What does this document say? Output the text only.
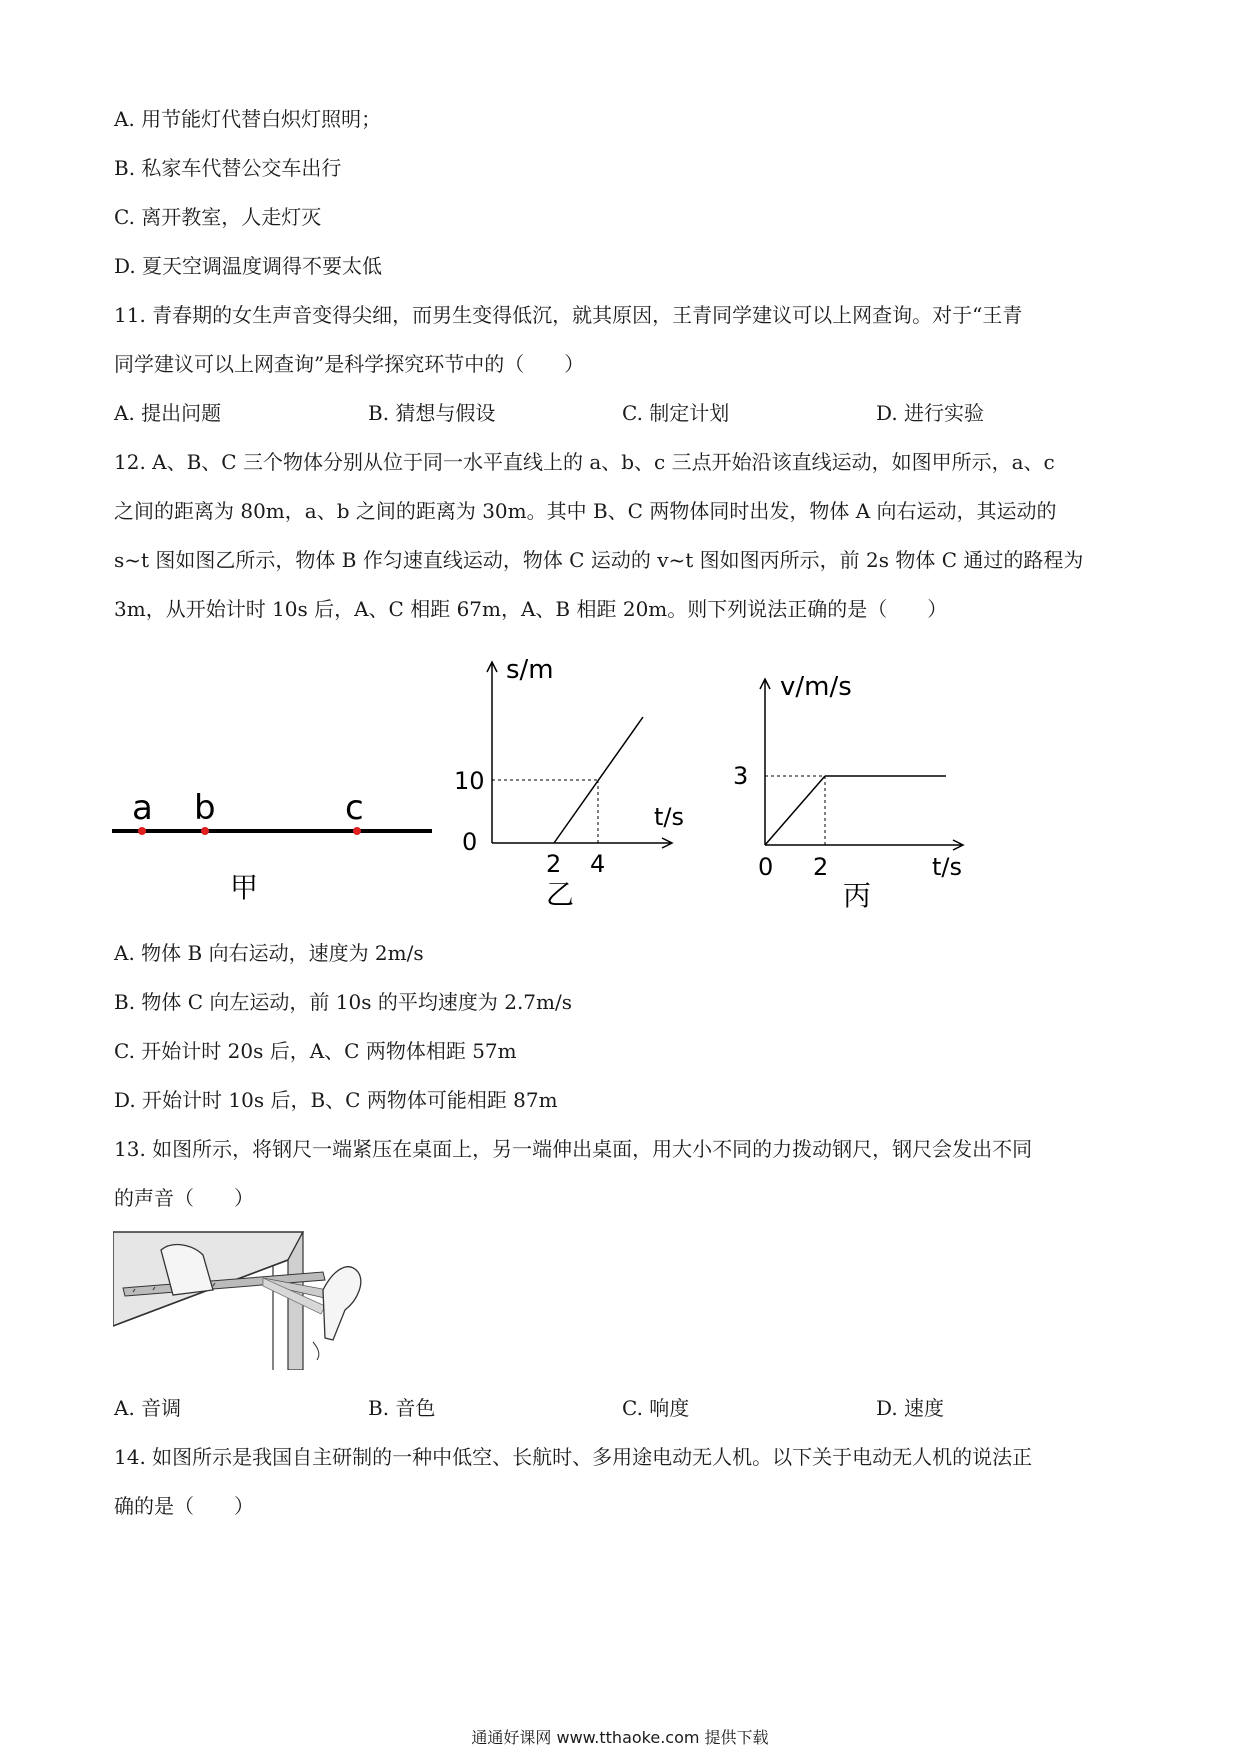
A. 用节能灯代替白炽灯照明；
B. 私家车代替公交车出行
C. 离开教室，人走灯灭
D. 夏天空调温度调得不要太低
11. 青春期的女生声音变得尖细，而男生变得低沉，就其原因，王青同学建议可以上网查询。对于“王青
同学建议可以上网查询”是科学探究环节中的（　　）
A. 提出问题	B. 猜想与假设	C. 制定计划	D. 进行实验
12. A、B、C 三个物体分别从位于同一水平直线上的 a、b、c 三点开始沿该直线运动，如图甲所示，a、c
之间的距离为 80m，a、b 之间的距离为 30m。其中 B、C 两物体同时出发，物体 A 向右运动，其运动的
s~t 图如图乙所示，物体 B 作匀速直线运动，物体 C 运动的 v~t 图如图丙所示，前 2s 物体 C 通过的路程为
3m，从开始计时 10s 后，A、C 相距 67m，A、B 相距 20m。则下列说法正确的是（　　）
a b	c
甲
s/m
t/s
10
0
2 4
乙
v/m/s
3
0 2	t/s
丙
A. 物体 B 向右运动，速度为 2m/s
B. 物体 C 向左运动，前 10s 的平均速度为 2.7m/s
C. 开始计时 20s 后，A、C 两物体相距 57m
D. 开始计时 10s 后，B、C 两物体可能相距 87m
13. 如图所示，将钢尺一端紧压在桌面上，另一端伸出桌面，用大小不同的力拨动钢尺，钢尺会发出不同
的声音（　　）
A. 音调	B. 音色	C. 响度	D. 速度
14. 如图所示是我国自主研制的一种中低空、长航时、多用途电动无人机。以下关于电动无人机的说法正
确的是（　　）
通通好课网 www.tthaoke.com 提供下载
